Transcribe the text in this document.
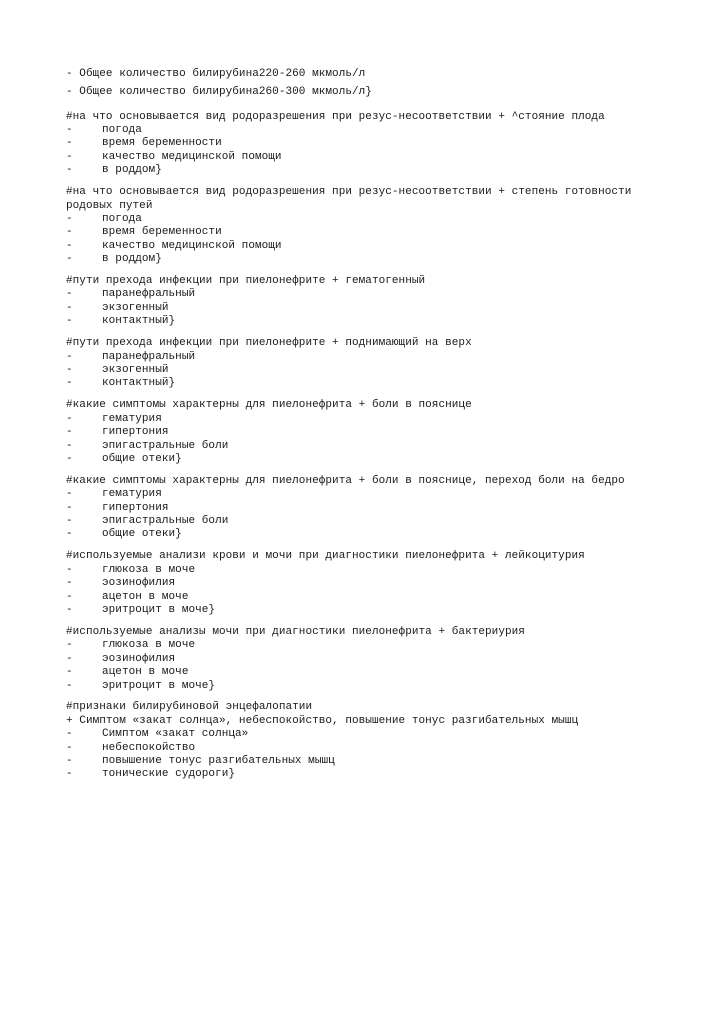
- Общее количество билирубина220-260 мкмоль/л

- Общее количество билирубина260-300 мкмоль/л}

#на что основывается вид родоразрешения при резус-несоответствии + ^стояние плода

-	погода
-	время беременности
-	качество медицинской помощи
-	в роддом}

#на что основывается вид родоразрешения при резус-несоответствии + степень готовности родовых путей

-	погода
-	время беременности
-	качество медицинской помощи
-	в роддом}

#пути прехода инфекции при пиелонефрите + гематогенный

-	паранефральный
-	экзогенный
-	контактный}

#пути прехода инфекции при пиелонефрите + поднимающий на верх

-	паранефральный
-	экзогенный
-	контактный}

#какие симптомы характерны для пиелонефрита + боли в пояснице

-	гематурия
-	гипертония
-	эпигастральные боли
-	общие отеки}

#какие симптомы характерны для пиелонефрита + боли в пояснице, переход боли на бедро

-	гематурия
-	гипертония
-	эпигастральные боли
-	общие отеки}

#используемые анализи крови и мочи при диагностики пиелонефрита + лейкоцитурия

-	глюкоза в моче
-	эозинофилия
-	ацетон в моче
-	эритроцит в моче}

#используемые анализы мочи при диагностики пиелонефрита + бактериурия

-	глюкоза в моче
-	эозинофилия
-	ацетон в моче
-	эритроцит в моче}

#признаки билирубиновой энцефалопатии

+ Симптом «закат солнца», небеспокойство, повышение тонус разгибательных мышц

-	Симптом «закат солнца»
-	небеспокойство
-	повышение тонус разгибательных мышц
-	тонические судороги}
